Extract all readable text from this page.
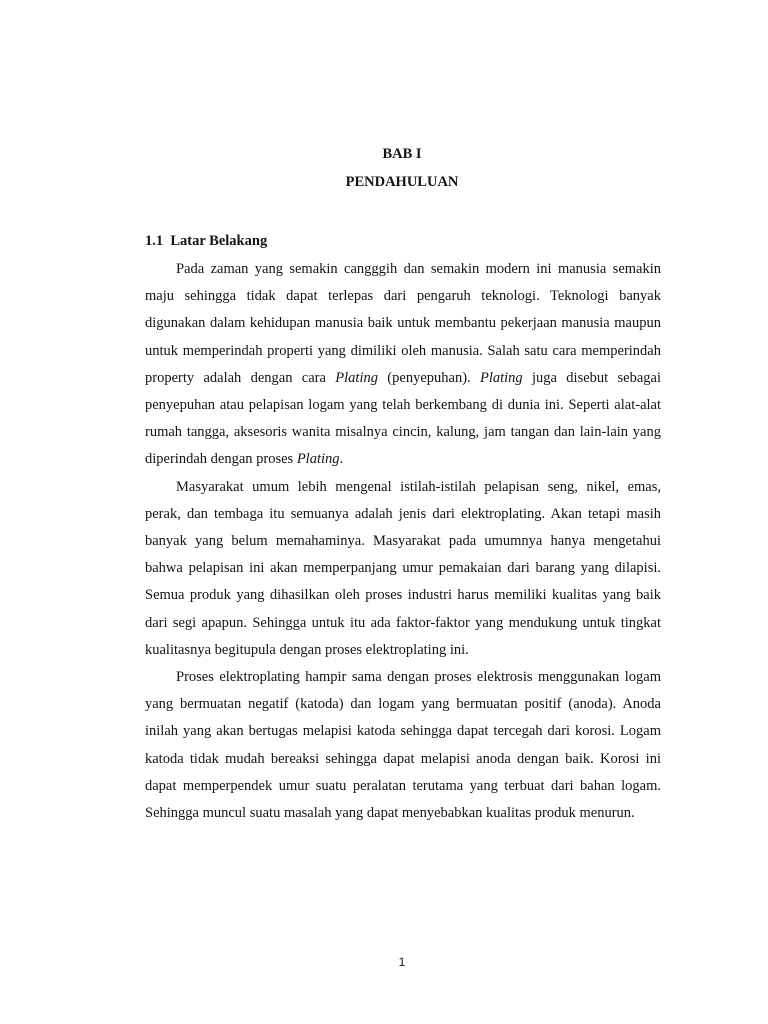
BAB I
PENDAHULUAN
1.1  Latar Belakang

Pada zaman yang semakin cangggih dan semakin modern ini manusia semakin maju sehingga tidak dapat terlepas dari pengaruh teknologi. Teknologi banyak digunakan dalam kehidupan manusia baik untuk membantu pekerjaan manusia maupun untuk memperindah properti yang dimiliki oleh manusia. Salah satu cara memperindah property adalah dengan cara Plating (penyepuhan). Plating juga disebut sebagai penyepuhan atau pelapisan logam yang telah berkembang di dunia ini. Seperti alat-alat rumah tangga, aksesoris wanita misalnya cincin, kalung, jam tangan dan lain-lain yang diperindah dengan proses Plating.

Masyarakat umum lebih mengenal istilah-istilah pelapisan seng, nikel, emas, perak, dan tembaga itu semuanya adalah jenis dari elektroplating. Akan tetapi masih banyak yang belum memahaminya. Masyarakat pada umumnya hanya mengetahui bahwa pelapisan ini akan memperpanjang umur pemakaian dari barang yang dilapisi. Semua produk yang dihasilkan oleh proses industri harus memiliki kualitas yang baik dari segi apapun. Sehingga untuk itu ada faktor-faktor yang mendukung untuk tingkat kualitasnya begitupula dengan proses elektroplating ini.

Proses elektroplating hampir sama dengan proses elektrosis menggunakan logam yang bermuatan negatif (katoda) dan logam yang bermuatan positif (anoda). Anoda inilah yang akan bertugas melapisi katoda sehingga dapat tercegah dari korosi. Logam katoda tidak mudah bereaksi sehingga dapat melapisi anoda dengan baik. Korosi ini dapat memperpendek umur suatu peralatan terutama yang terbuat dari bahan logam. Sehingga muncul suatu masalah yang dapat menyebabkan kualitas produk menurun.

1
